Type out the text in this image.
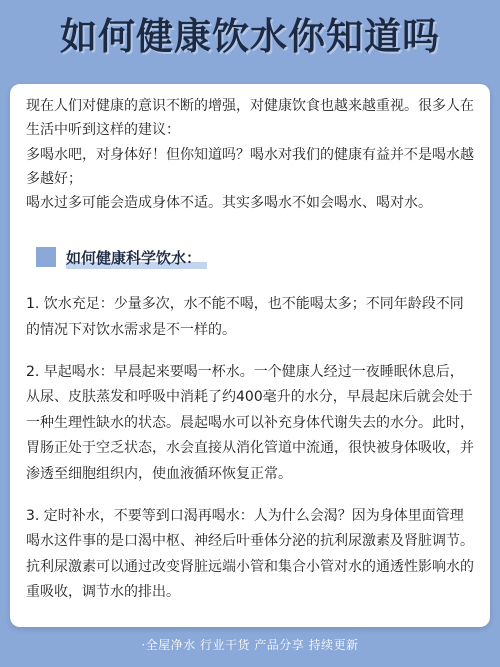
如何健康饮水你知道吗

现在人们对健康的意识不断的增强，对健康饮食也越来越重视。很多人在生活中听到这样的建议：

多喝水吧，对身体好！但你知道吗？喝水对我们的健康有益并不是喝水越多越好；

喝水过多可能会造成身体不适。其实多喝水不如会喝水、喝对水。

如何健康科学饮水：

1. 饮水充足：少量多次，水不能不喝，也不能喝太多；不同年龄段不同的情况下对饮水需求是不一样的。

2. 早起喝水：早晨起来要喝一杯水。一个健康人经过一夜睡眠休息后，从尿、皮肤蒸发和呼吸中消耗了约400毫升的水分，早晨起床后就会处于一种生理性缺水的状态。晨起喝水可以补充身体代谢失去的水分。此时，胃肠正处于空乏状态，水会直接从消化管道中流通，很快被身体吸收，并渗透至细胞组织内，使血液循环恢复正常。

3. 定时补水，不要等到口渴再喝水：人为什么会渴？因为身体里面管理喝水这件事的是口渴中枢、神经后叶垂体分泌的抗利尿激素及肾脏调节。抗利尿激素可以通过改变肾脏远端小管和集合小管对水的通透性影响水的重吸收，调节水的排出。

·全屋净水 行业干货 产品分享 持续更新
